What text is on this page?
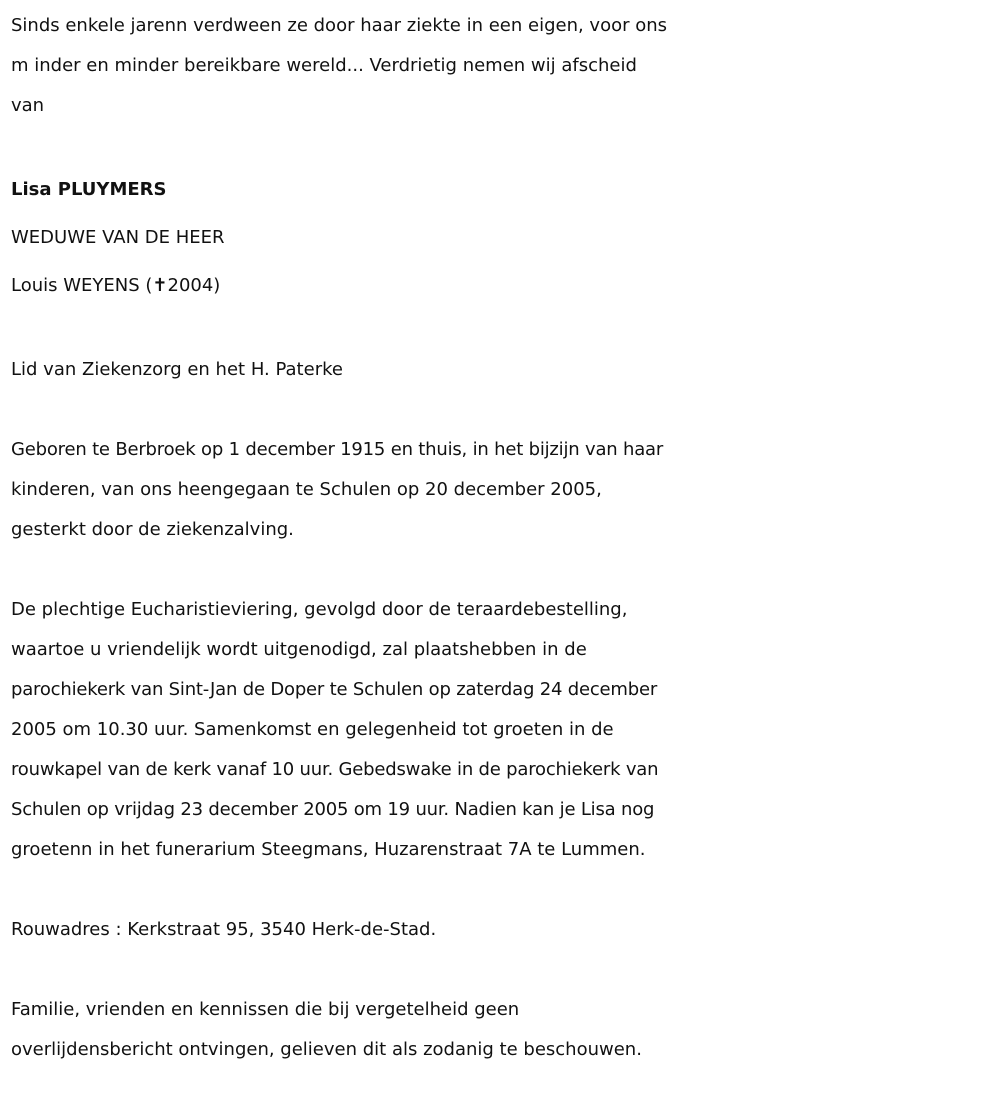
Sinds enkele jarenn verdween ze door haar ziekte in een eigen, voor ons
m inder en minder bereikbare wereld... Verdrietig nemen wij afscheid
van
Lisa PLUYMERS
WEDUWE VAN DE HEER
Louis WEYENS (✝2004)
Lid van Ziekenzorg en het H. Paterke
Geboren te Berbroek op 1 december 1915 en thuis, in het bijzijn van haar
kinderen, van ons heengegaan te Schulen op 20 december 2005,
gesterkt door de ziekenzalving.
De plechtige Eucharistieviering, gevolgd door de teraardebestelling,
waartoe u vriendelijk wordt uitgenodigd, zal plaatshebben in de
parochiekerk van Sint-Jan de Doper te Schulen op zaterdag 24 december
2005 om 10.30 uur. Samenkomst en gelegenheid tot groeten in de
rouwkapel van de kerk vanaf 10 uur. Gebedswake in de parochiekerk van
Schulen op vrijdag 23 december 2005 om 19 uur. Nadien kan je Lisa nog
groetenn in het funerarium Steegmans, Huzarenstraat 7A te Lummen.
Rouwadres : Kerkstraat 95, 3540 Herk-de-Stad.
Familie, vrienden en kennissen die bij vergetelheid geen
overlijdensbericht ontvingen, gelieven dit als zodanig te beschouwen.
